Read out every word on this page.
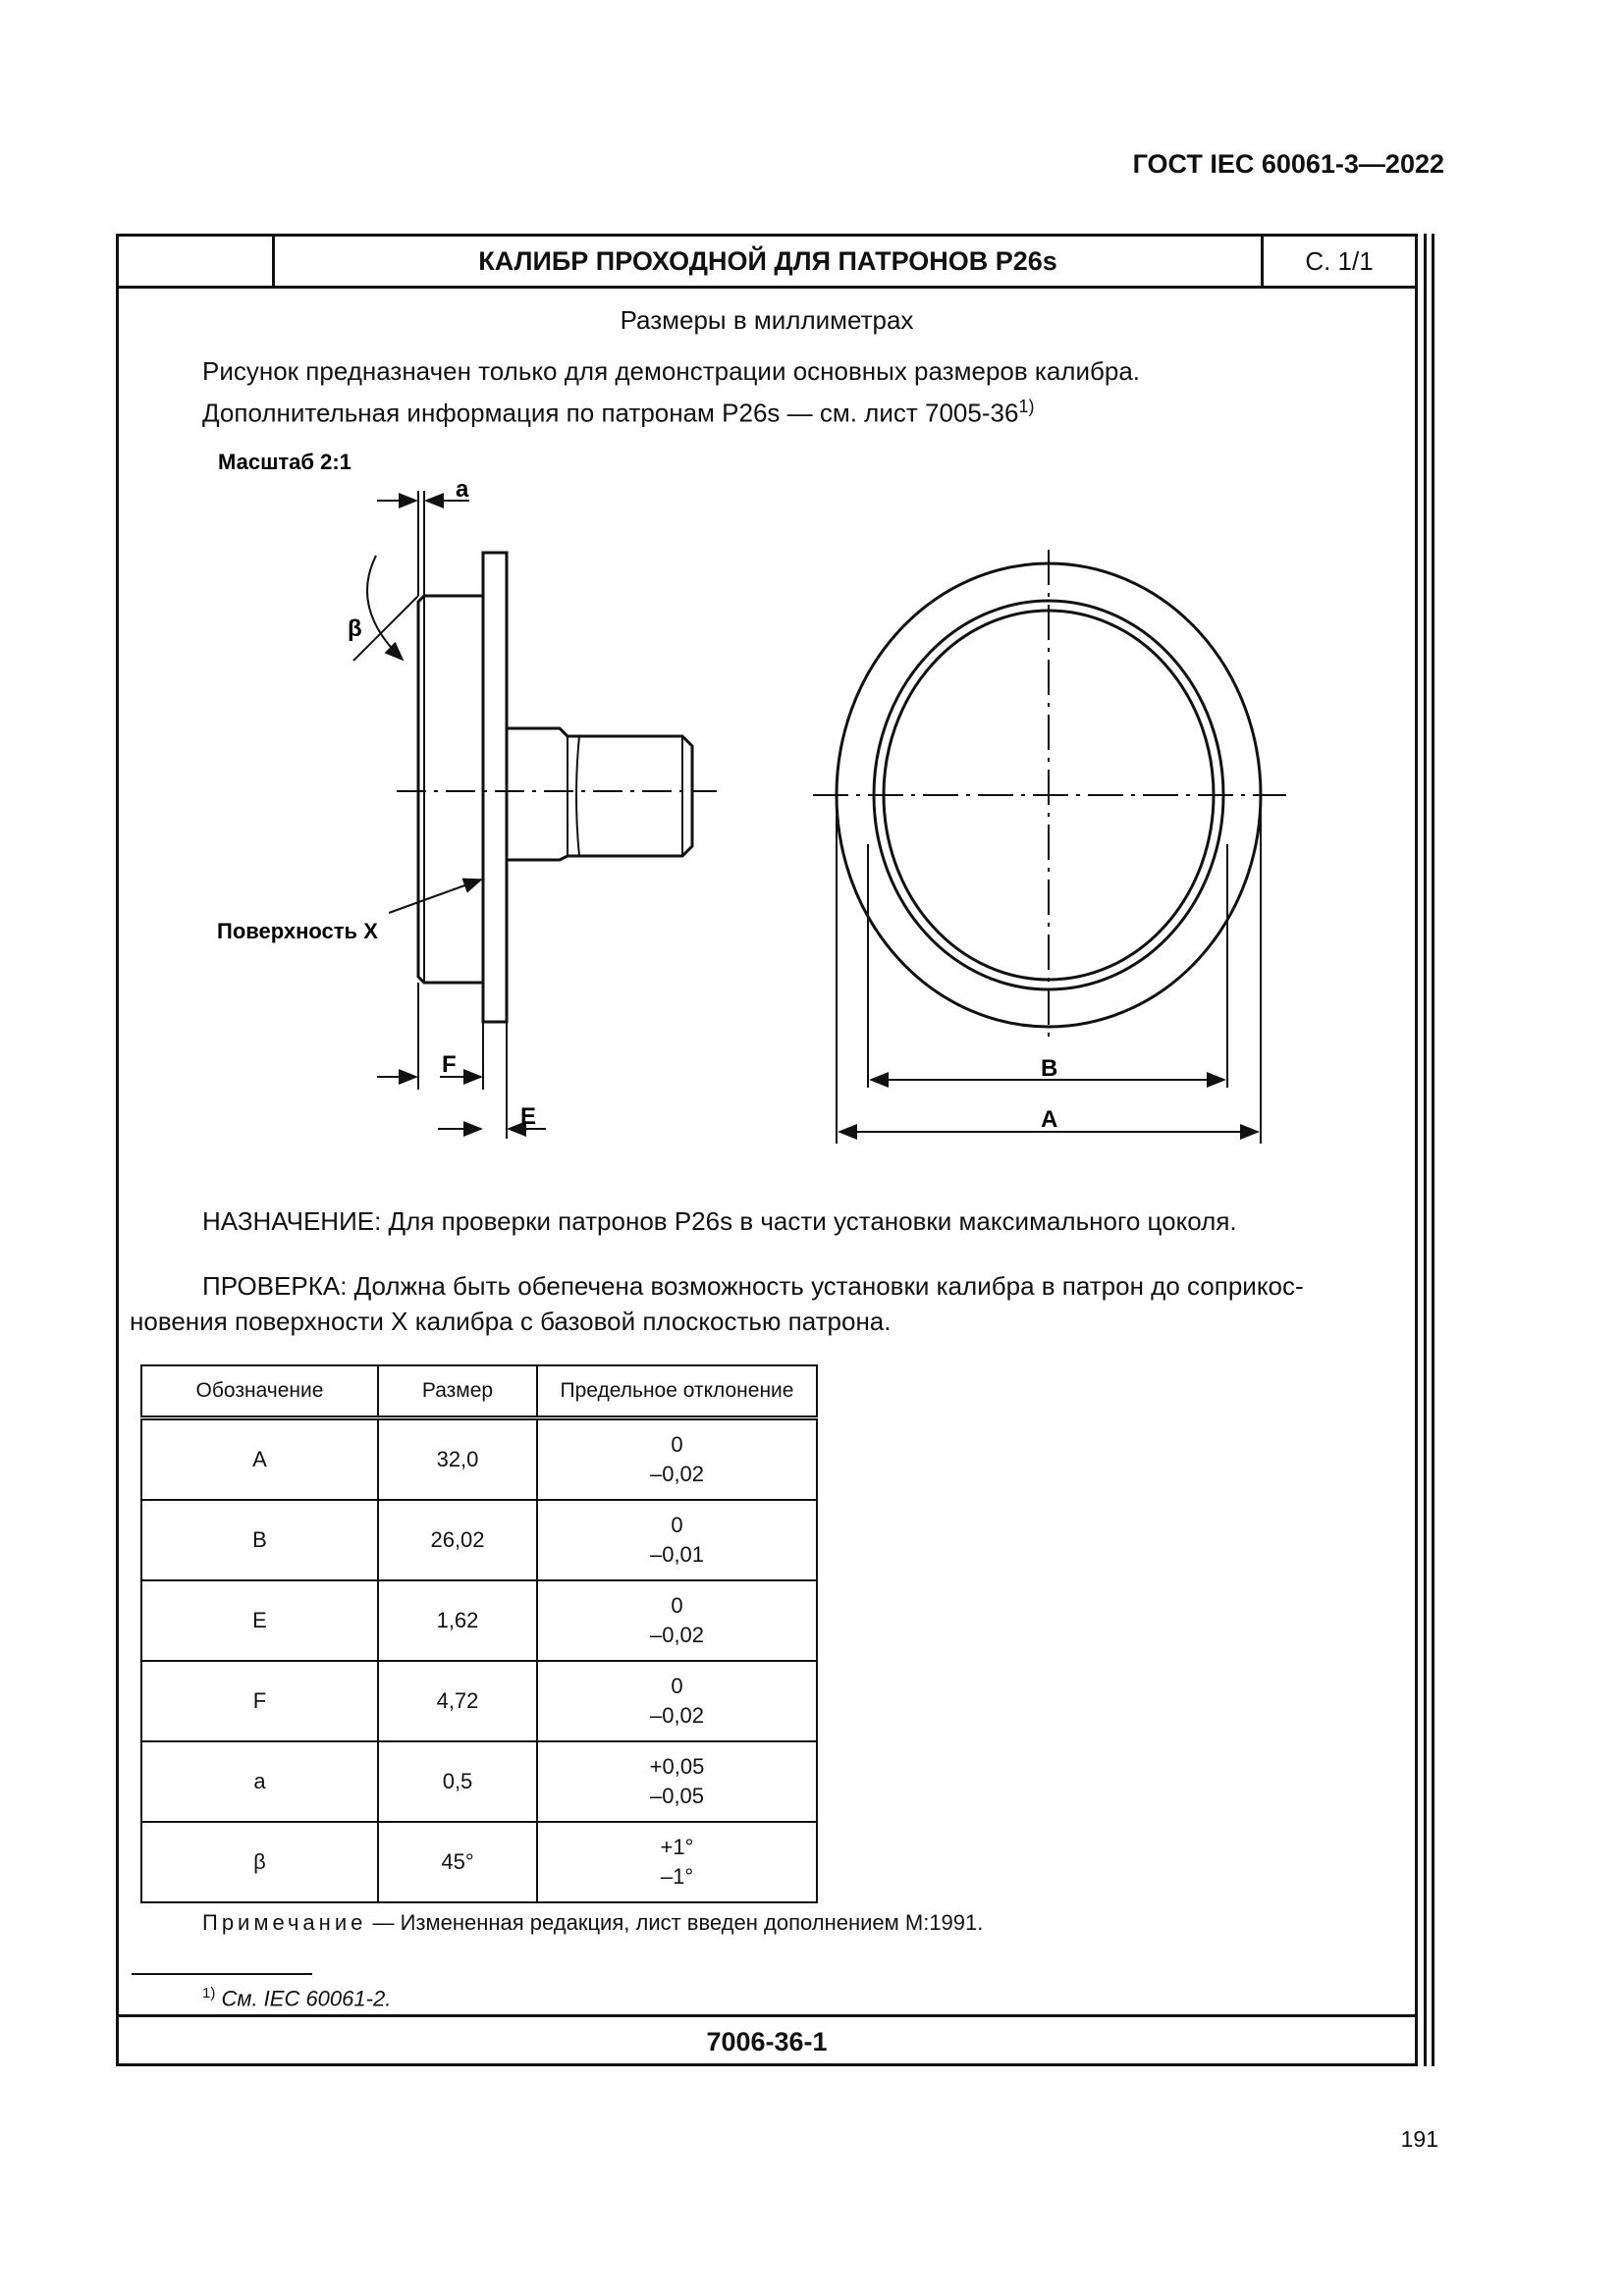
ГОСТ IEC 60061-3—2022
КАЛИБР ПРОХОДНОЙ ДЛЯ ПАТРОНОВ P26s	С. 1/1
Размеры в миллиметрах
Рисунок предназначен только для демонстрации основных размеров калибра.
Дополнительная информация по патронам P26s — см. лист 7005-36$^{1)}$
Масштаб 2:1
a
β
Поверхность X
F
E
B
A
НАЗНАЧЕНИЕ: Для проверки патронов P26s в части установки максимального цоколя.
ПРОВЕРКА: Должна быть обепечена возможность установки калибра в патрон до соприкос-
новения поверхности X калибра с базовой плоскостью патрона.
Обозначение	Размер	Предельное отклонение
A	32,0	0
–0,02

B	26,02	0
–0,01

E	1,62	0
–0,02

F	4,72	0
–0,02

a	0,5	+0,05
–0,05

β	45°	+1°
–1°
Примечание — Измененная редакция, лист введен дополнением М:1991.
$^{1)}$ См. IEC 60061-2.
7006-36-1
191
